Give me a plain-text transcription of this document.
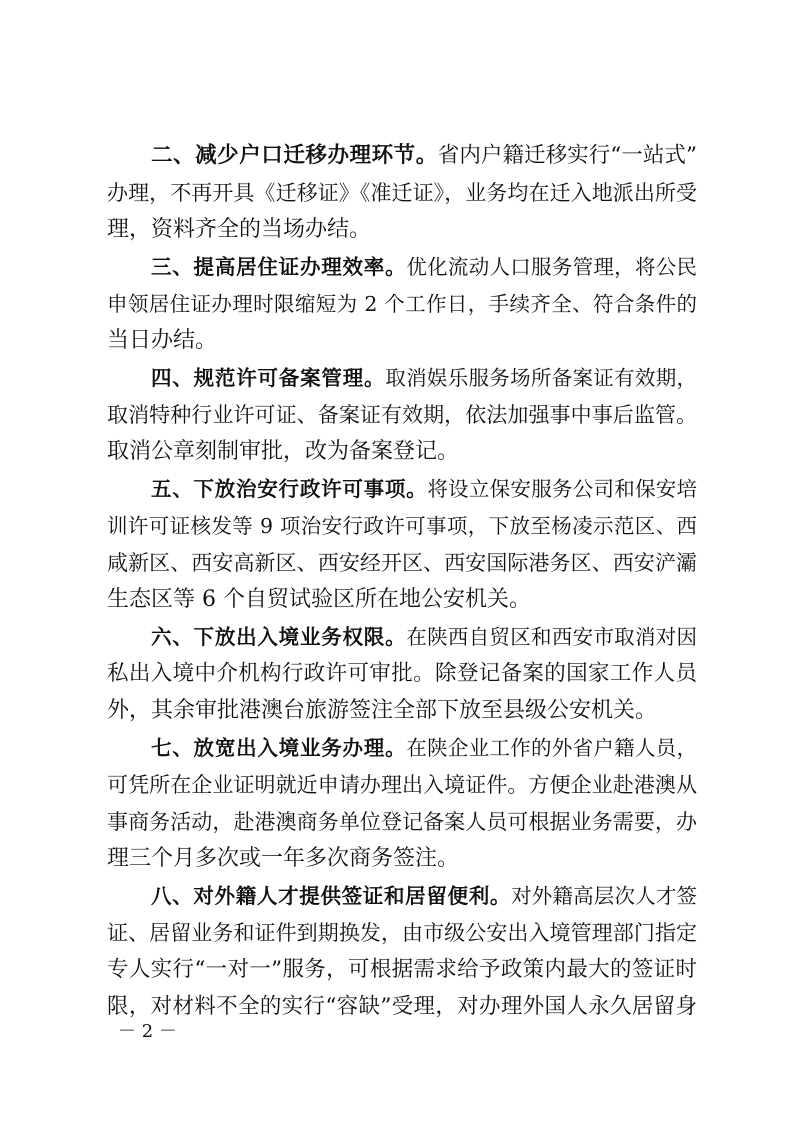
二、减少户口迁移办理环节。省内户籍迁移实行“一站式”
办理，不再开具《迁移证》《准迁证》，业务均在迁入地派出所受
理，资料齐全的当场办结。
三、提高居住证办理效率。优化流动人口服务管理，将公民
申领居住证办理时限缩短为 2 个工作日，手续齐全、符合条件的
当日办结。
四、规范许可备案管理。取消娱乐服务场所备案证有效期，
取消特种行业许可证、备案证有效期，依法加强事中事后监管。
取消公章刻制审批，改为备案登记。
五、下放治安行政许可事项。将设立保安服务公司和保安培
训许可证核发等 9 项治安行政许可事项，下放至杨凌示范区、西
咸新区、西安高新区、西安经开区、西安国际港务区、西安浐灞
生态区等 6 个自贸试验区所在地公安机关。
六、下放出入境业务权限。在陕西自贸区和西安市取消对因
私出入境中介机构行政许可审批。除登记备案的国家工作人员
外，其余审批港澳台旅游签注全部下放至县级公安机关。
七、放宽出入境业务办理。在陕企业工作的外省户籍人员，
可凭所在企业证明就近申请办理出入境证件。方便企业赴港澳从
事商务活动，赴港澳商务单位登记备案人员可根据业务需要，办
理三个月多次或一年多次商务签注。
八、对外籍人才提供签证和居留便利。对外籍高层次人才签
证、居留业务和证件到期换发，由市级公安出入境管理部门指定
专人实行“一对一”服务，可根据需求给予政策内最大的签证时
限，对材料不全的实行“容缺”受理，对办理外国人永久居留身
－ 2 －
